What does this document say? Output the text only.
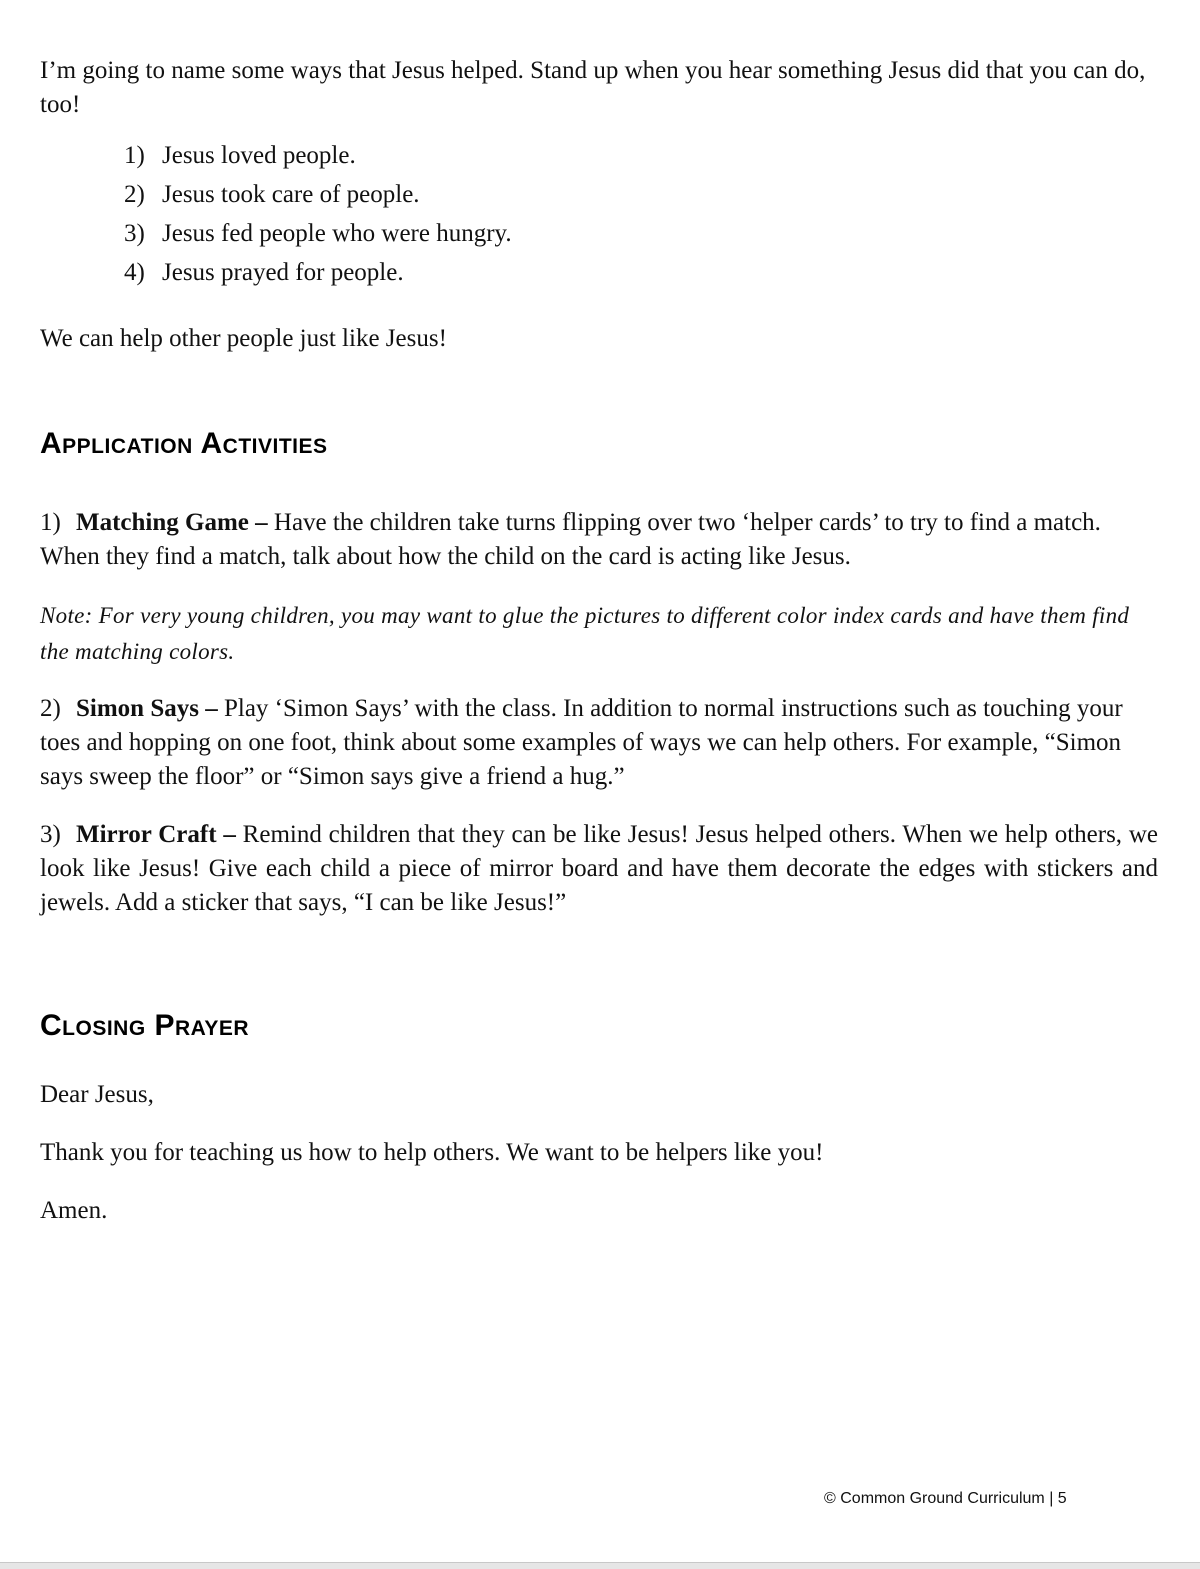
I’m going to name some ways that Jesus helped. Stand up when you hear something Jesus did that you can do, too!

1) Jesus loved people.
2) Jesus took care of people.
3) Jesus fed people who were hungry.
4) Jesus prayed for people.

We can help other people just like Jesus!

Application Activities

1) Matching Game – Have the children take turns flipping over two ‘helper cards’ to try to find a match. When they find a match, talk about how the child on the card is acting like Jesus.

Note: For very young children, you may want to glue the pictures to different color index cards and have them find the matching colors.

2) Simon Says – Play ‘Simon Says’ with the class. In addition to normal instructions such as touching your toes and hopping on one foot, think about some examples of ways we can help others. For example, “Simon says sweep the floor” or “Simon says give a friend a hug.”

3) Mirror Craft – Remind children that they can be like Jesus! Jesus helped others. When we help others, we look like Jesus! Give each child a piece of mirror board and have them decorate the edges with stickers and jewels. Add a sticker that says, “I can be like Jesus!”

Closing Prayer

Dear Jesus,

Thank you for teaching us how to help others. We want to be helpers like you!

Amen.

© Common Ground Curriculum | 5
